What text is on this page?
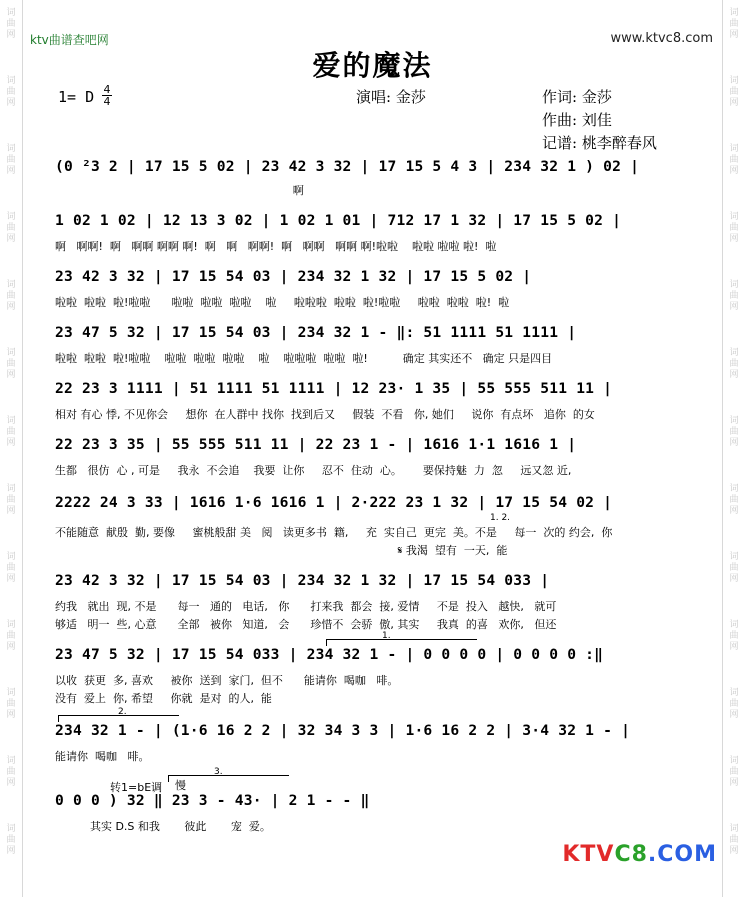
词曲网
词曲网
词曲网
词曲网
词曲网
词曲网
词曲网
词曲网
词曲网
词曲网
词曲网
词曲网
词曲网
词曲网
词曲网
词曲网
词曲网
词曲网
词曲网
词曲网
词曲网
词曲网
词曲网
词曲网
词曲网
词曲网
ktv曲谱查吧网	www.ktvc8.com
爱的魔法
1= D 4
4	演唱: 金莎	作词: 金莎
作曲: 刘佳
记谱: 桃李醉春风
(0 ²3 2 | 17 15 5 02 | 23 42 3 32 | 17 15 5 4 3 | 234 32 1 ) 02 |
啊
1 02 1 02 | 12 13 3 02 | 1 02 1 01 | 712 17 1 32 | 17 15 5 02 |
啊   啊啊!  啊   啊啊 啊啊 啊!  啊   啊   啊啊!  啊   啊啊   啊啊 啊!啦啦    啦啦 啦啦 啦!  啦
23 42 3 32 | 17 15 54 03 | 234 32 1 32 | 17 15 5 02 |
啦啦  啦啦  啦!啦啦      啦啦  啦啦  啦啦    啦     啦啦啦  啦啦  啦!啦啦     啦啦  啦啦  啦!  啦
23 47 5 32 | 17 15 54 03 | 234 32 1 - ‖: 51 1111 51 1111 |
啦啦  啦啦  啦!啦啦    啦啦  啦啦  啦啦    啦    啦啦啦  啦啦  啦!          确定 其实还不   确定 只是四目
22 23 3 1111 | 51 1111 51 1111 | 12 23· 1 35 | 55 555 511 11 |
相对 有心 悸, 不见你会     想你  在人群中 找你  找到后又     假装  不看   你, 她们     说你  有点坏   追你  的女
22 23 3 35 | 55 555 511 11 | 22 23 1 - | 1616 1·1 1616 1 |
生都   很仿  心 , 可是     我永  不会追    我要  让你     忍不  住动  心。      要保持魅  力  忽     远又忽 近,
2222 24 3 33 | 1616 1·6 1616 1 | 2·222 23 1 32 | 17 15 54 02 |
1. 2.
不能随意  献殷  勤, 要像     蜜桃般甜 美   阅   读更多书  籍,     充  实自己  更完  美。不是     每一  次的 约会,  你
𝄋 我渴  望有  一天,  能
23 42 3 32 | 17 15 54 03 | 234 32 1 32 | 17 15 54 033 |
约我   就出  现, 不是      每一   通的   电话,   你      打来我  都会  接, 爱情     不是  投入   越快,   就可
够适   明一  些, 心意      全部   被你   知道,   会      珍惜不  会骄  傲, 其实     我真  的喜   欢你,   但还
1.
23 47 5 32 | 17 15 54 033 | 234 32 1 - | 0 0 0 0 | 0 0 0 0 :‖
以收  获更  多, 喜欢     被你  送到  家门,  但不      能请你  喝咖   啡。
没有  爱上  你, 希望     你就  是对  的人,  能
2.
234 32 1 - | (1·6 16 2 2 | 32 34 3 3 | 1·6 16 2 2 | 3·4 32 1 - |
能请你  喝咖   啡。
转1=bE调 慢
3.
0 0 0 ) 32 ‖ 23 3 - 43· | 2 1 - - ‖
其实 D.S 和我       彼此       宠  爱。
KTVC8.COM
